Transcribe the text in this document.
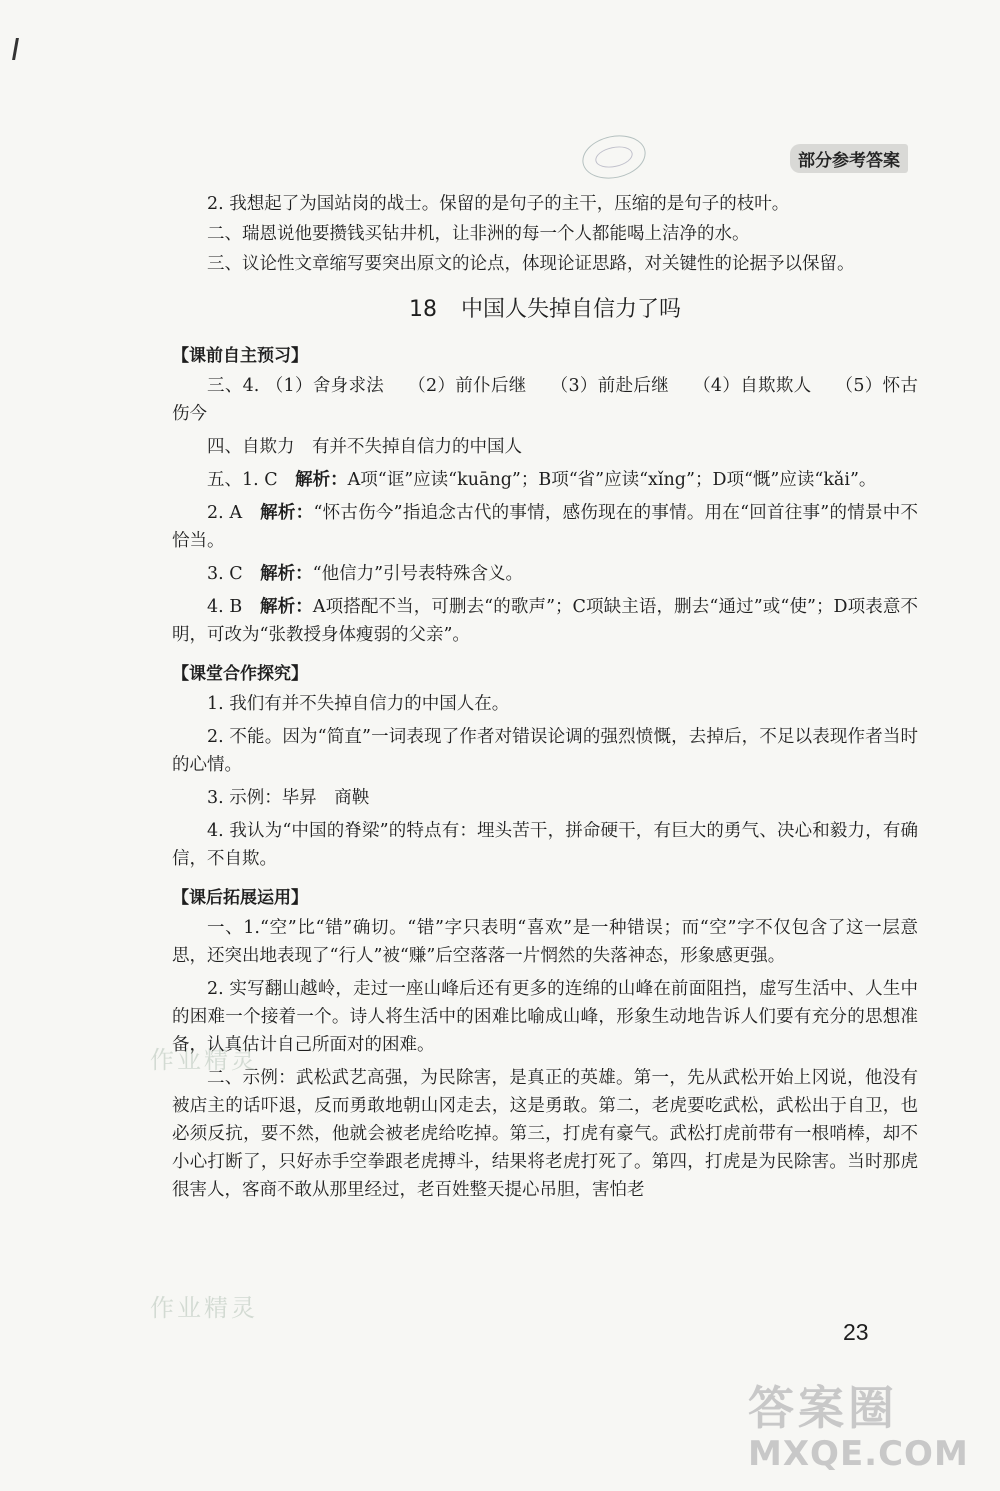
部分参考答案
作业精灵
作业精灵

2. 我想起了为国站岗的战士。保留的是句子的主干，压缩的是句子的枝叶。

二、瑞恩说他要攒钱买钻井机，让非洲的每一个人都能喝上洁净的水。

三、议论性文章缩写要突出原文的论点，体现论证思路，对关键性的论据予以保留。

18 中国人失掉自信力了吗
【课前自主预习】

三、4. （1）舍身求法 （2）前仆后继 （3）前赴后继 （4）自欺欺人 （5）怀古伤今

四、自欺力　有并不失掉自信力的中国人

五、1. C　 解析：A项“诓”应读“kuāng”；B项“省”应读“xǐng”；D项“慨”应读“kǎi”。

2. A　 解析：“怀古伤今”指追念古代的事情，感伤现在的事情。用在“回首往事”的情景中不恰当。

3. C　 解析：“他信力”引号表特殊含义。

4. B　 解析：A项搭配不当，可删去“的歌声”；C项缺主语，删去“通过”或“使”；D项表意不明，可改为“张教授身体瘦弱的父亲”。

【课堂合作探究】

1. 我们有并不失掉自信力的中国人在。

2. 不能。因为“简直”一词表现了作者对错误论调的强烈愤慨，去掉后，不足以表现作者当时的心情。

3. 示例：毕昇　商鞅

4. 我认为“中国的脊梁”的特点有：埋头苦干，拼命硬干，有巨大的勇气、决心和毅力，有确信，不自欺。

【课后拓展运用】

一、1.“空”比“错”确切。“错”字只表明“喜欢”是一种错误；而“空”字不仅包含了这一层意思，还突出地表现了“行人”被“赚”后空落落一片惘然的失落神态，形象感更强。

2. 实写翻山越岭，走过一座山峰后还有更多的连绵的山峰在前面阻挡，虚写生活中、人生中的困难一个接着一个。诗人将生活中的困难比喻成山峰，形象生动地告诉人们要有充分的思想准备，认真估计自己所面对的困难。

二、示例：武松武艺高强，为民除害，是真正的英雄。第一，先从武松开始上冈说，他没有被店主的话吓退，反而勇敢地朝山冈走去，这是勇敢。第二，老虎要吃武松，武松出于自卫，也必须反抗，要不然，他就会被老虎给吃掉。第三，打虎有豪气。武松打虎前带有一根哨棒，却不小心打断了，只好赤手空拳跟老虎搏斗，结果将老虎打死了。第四，打虎是为民除害。当时那虎很害人，客商不敢从那里经过，老百姓整天提心吊胆，害怕老

23
答案圈
MXQE.COM
